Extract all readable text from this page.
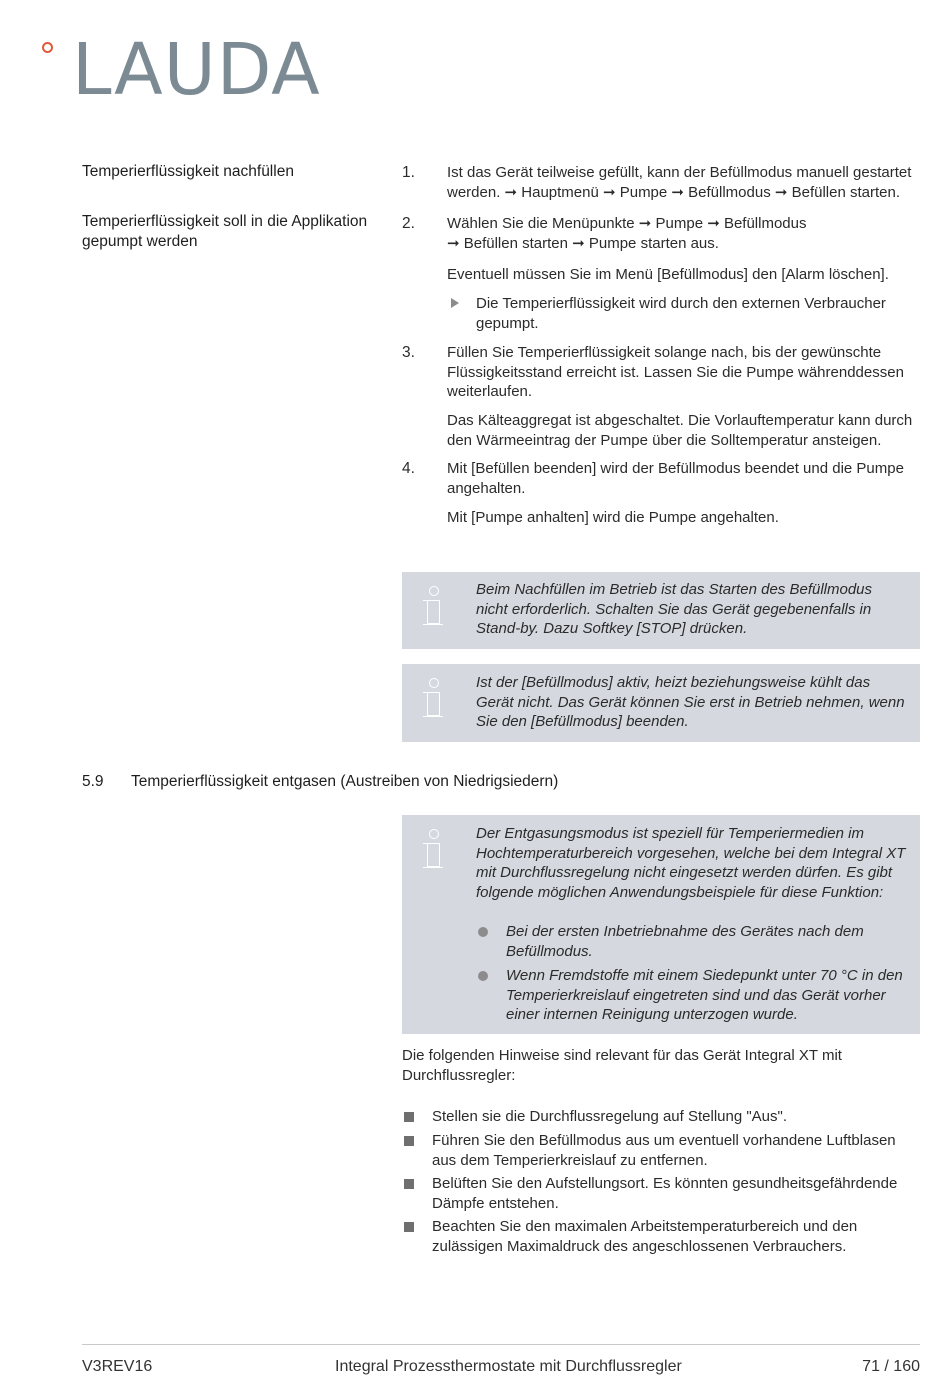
LAUDA
Temperierflüssigkeit nachfüllen
Temperierflüssigkeit soll in die Applikation gepumpt werden
1. Ist das Gerät teilweise gefüllt, kann der Befüllmodus manuell gestartet werden. ➞ Hauptmenü ➞ Pumpe ➞ Befüllmodus ➞ Befüllen starten.
2. Wählen Sie die Menüpunkte ➞ Pumpe ➞ Befüllmodus
➞ Befüllen starten ➞ Pumpe starten aus.
Eventuell müssen Sie im Menü [Befüllmodus] den [Alarm löschen].
Die Temperierflüssigkeit wird durch den externen Verbraucher gepumpt.
3. Füllen Sie Temperierflüssigkeit solange nach, bis der gewünschte Flüssigkeitsstand erreicht ist. Lassen Sie die Pumpe währenddessen weiterlaufen.
Das Kälteaggregat ist abgeschaltet. Die Vorlauftemperatur kann durch den Wärmeeintrag der Pumpe über die Solltemperatur ansteigen.
4. Mit [Befüllen beenden] wird der Befüllmodus beendet und die Pumpe angehalten.
Mit [Pumpe anhalten] wird die Pumpe angehalten.
Beim Nachfüllen im Betrieb ist das Starten des Befüllmodus nicht erforderlich. Schalten Sie das Gerät gegebenenfalls in Stand-by. Dazu Softkey [STOP] drücken.
Ist der [Befüllmodus] aktiv, heizt beziehungsweise kühlt das Gerät nicht. Das Gerät können Sie erst in Betrieb nehmen, wenn Sie den [Befüllmodus] beenden.
5.9 Temperierflüssigkeit entgasen (Austreiben von Niedrigsiedern)
Der Entgasungsmodus ist speziell für Temperiermedien im Hochtemperaturbereich vorgesehen, welche bei dem Integral XT mit Durchflussregelung nicht eingesetzt werden dürfen. Es gibt folgende möglichen Anwendungsbeispiele für diese Funktion:
Bei der ersten Inbetriebnahme des Gerätes nach dem Befüllmodus.
Wenn Fremdstoffe mit einem Siedepunkt unter 70 °C in den Temperierkreislauf eingetreten sind und das Gerät vorher einer internen Reinigung unterzogen wurde.
Die folgenden Hinweise sind relevant für das Gerät Integral XT mit Durchflussregler:
Stellen sie die Durchflussregelung auf Stellung "Aus".
Führen Sie den Befüllmodus aus um eventuell vorhandene Luftblasen aus dem Temperierkreislauf zu entfernen.
Belüften Sie den Aufstellungsort. Es könnten gesundheitsgefährdende Dämpfe entstehen.
Beachten Sie den maximalen Arbeitstemperaturbereich und den zulässigen Maximaldruck des angeschlossenen Verbrauchers.
V3REV16	Integral Prozessthermostate mit Durchflussregler	71 / 160
